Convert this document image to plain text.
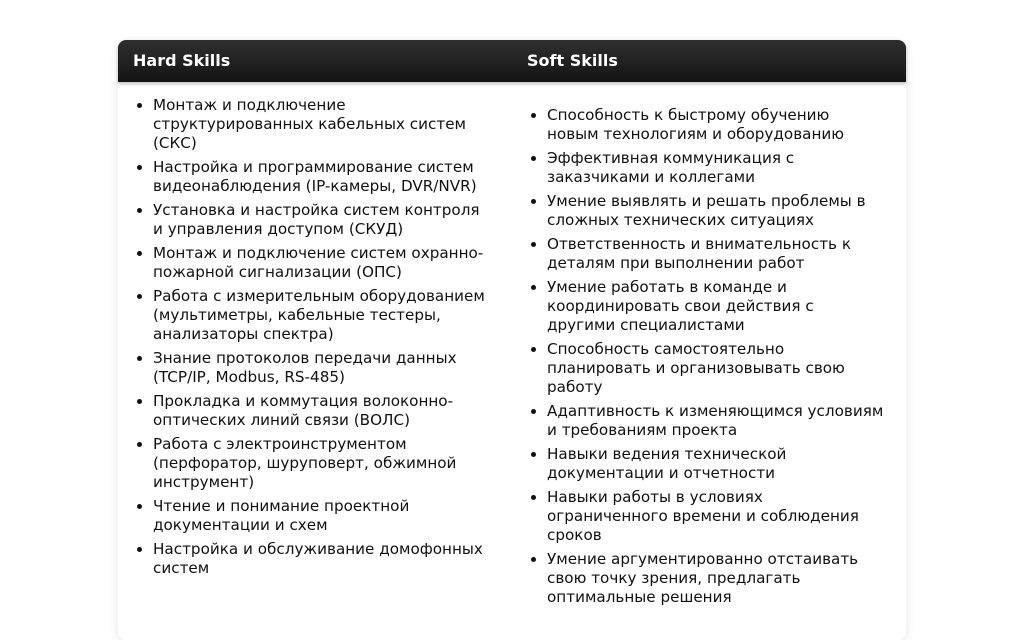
Hard Skills	Soft Skills
Монтаж и подключение структурированных кабельных систем (СКС)
Настройка и программирование систем видеонаблюдения (IP-камеры, DVR/NVR)
Установка и настройка систем контроля и управления доступом (СКУД)
Монтаж и подключение систем охранно-пожарной сигнализации (ОПС)
Работа с измерительным оборудованием (мультиметры, кабельные тестеры, анализаторы спектра)
Знание протоколов передачи данных (TCP/IP, Modbus, RS-485)
Прокладка и коммутация волоконно-оптических линий связи (ВОЛС)
Работа с электроинструментом (перфоратор, шуруповерт, обжимной инструмент)
Чтение и понимание проектной документации и схем
Настройка и обслуживание домофонных систем
Способность к быстрому обучению новым технологиям и оборудованию
Эффективная коммуникация с заказчиками и коллегами
Умение выявлять и решать проблемы в сложных технических ситуациях
Ответственность и внимательность к деталям при выполнении работ
Умение работать в команде и координировать свои действия с другими специалистами
Способность самостоятельно планировать и организовывать свою работу
Адаптивность к изменяющимся условиям и требованиям проекта
Навыки ведения технической документации и отчетности
Навыки работы в условиях ограниченного времени и соблюдения сроков
Умение аргументированно отстаивать свою точку зрения, предлагать оптимальные решения
